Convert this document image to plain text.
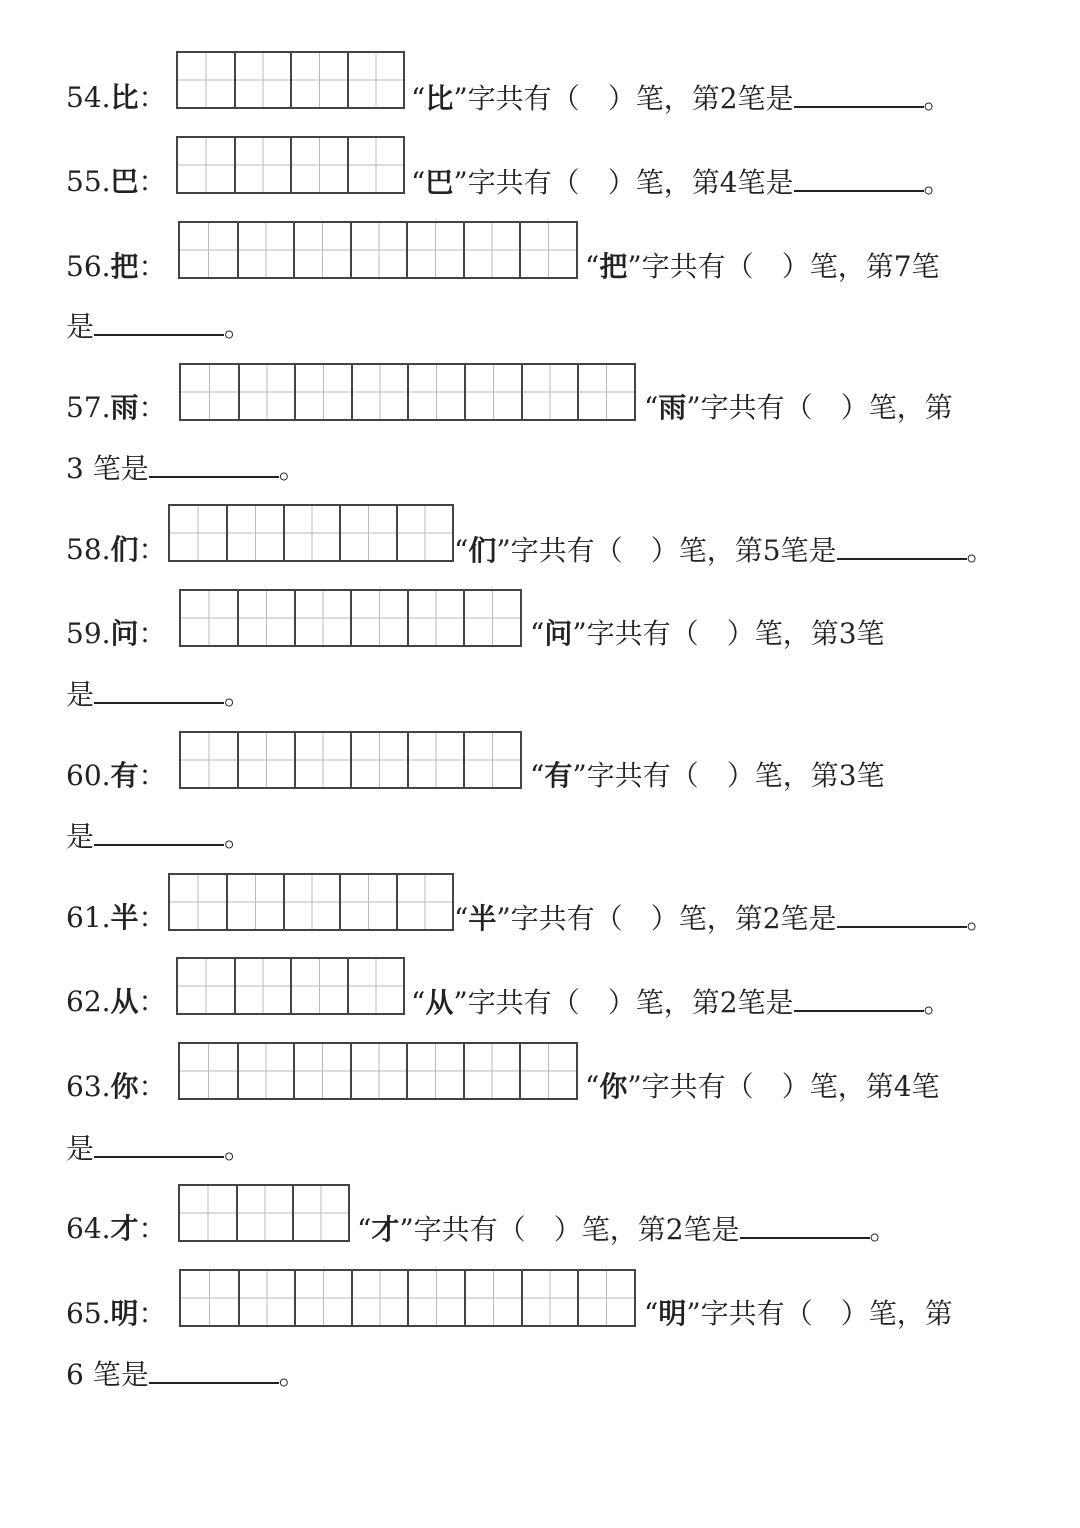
54.比：	“比”字共有（ ）笔，第2笔是	。
55.巴：	“巴”字共有（ ）笔，第4笔是	。
56.把：	“把”字共有（ ）笔，第7笔
是	。
57.雨：	“雨”字共有（ ）笔，第
3 笔是	。
58.们：	“们”字共有（ ）笔，第5笔是	。
59.问：	“问”字共有（ ）笔，第3笔
是	。
60.有：	“有”字共有（ ）笔，第3笔
是	。
61.半：	“半”字共有（ ）笔，第2笔是	。
62.从：	“从”字共有（ ）笔，第2笔是	。
63.你：	“你”字共有（ ）笔，第4笔
是	。
64.才：	“才”字共有（ ）笔，第2笔是	。
65.明：	“明”字共有（ ）笔，第
6 笔是	。
